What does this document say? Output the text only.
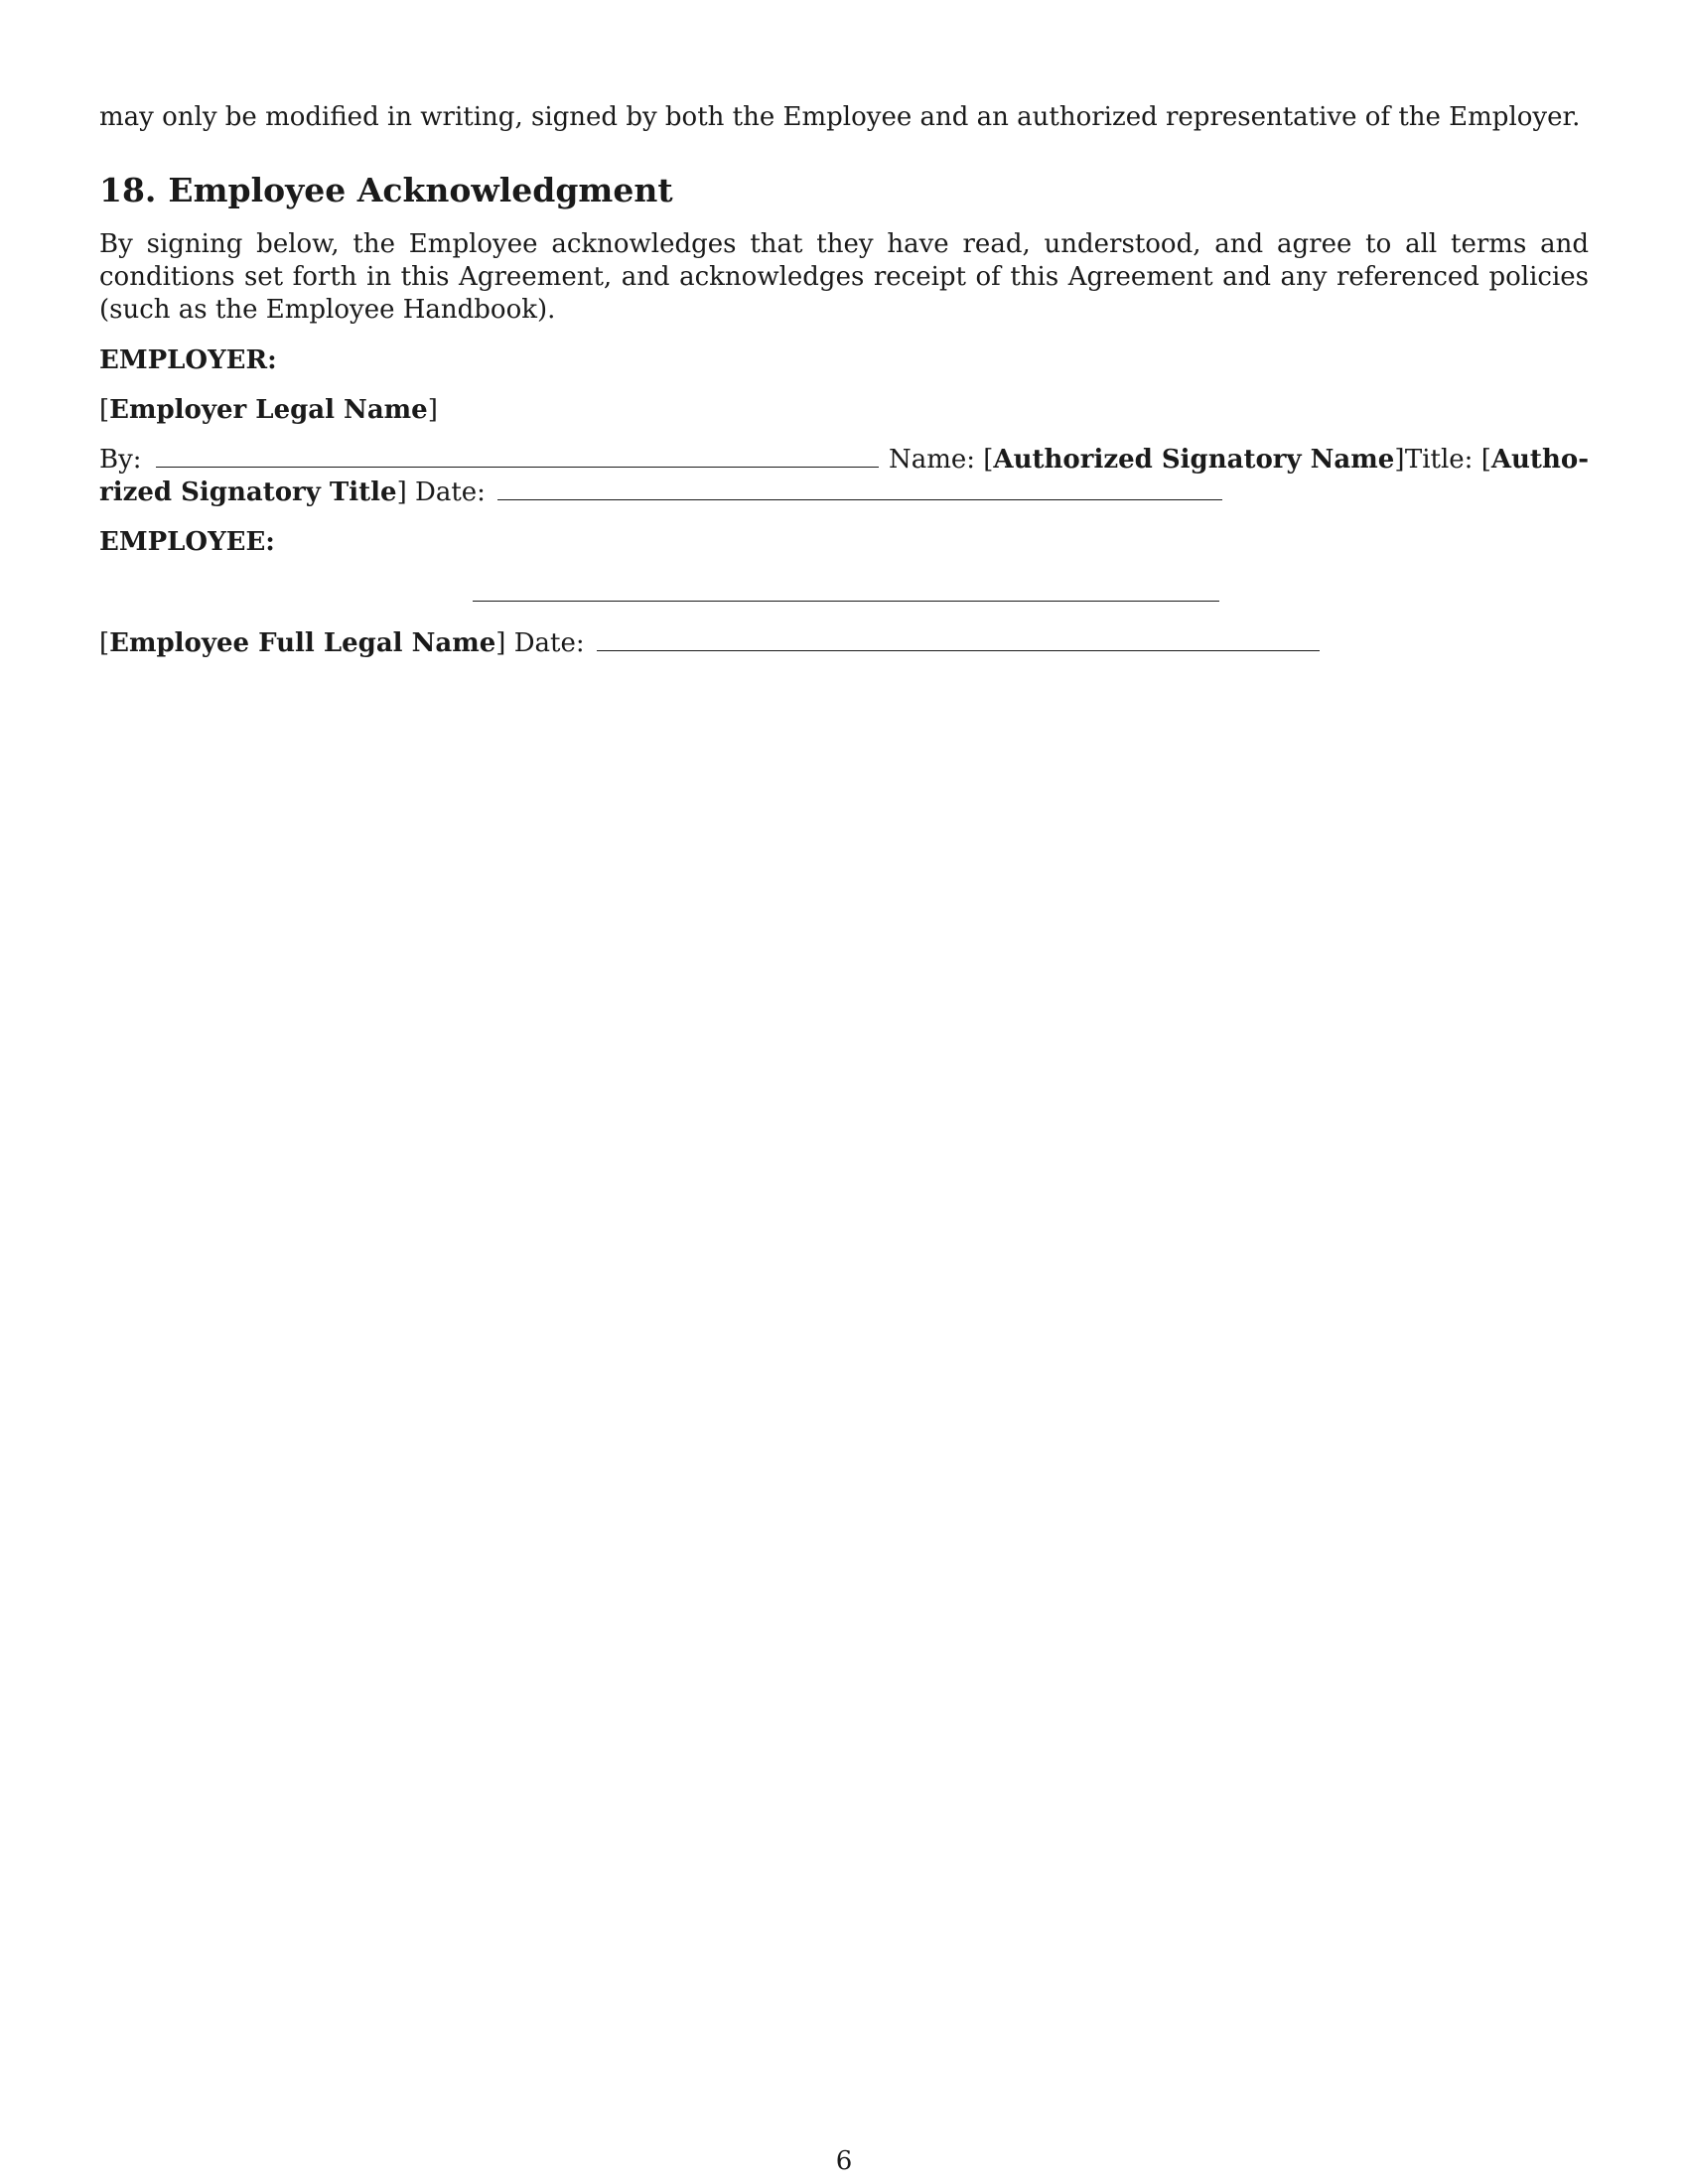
may only be modified in writing, signed by both the Employee and an authorized representative of the Employer.

18. Employee Acknowledgment

By signing below, the Employee acknowledges that they have read, understood, and agree to all terms and conditions set forth in this Agreement, and acknowledges receipt of this Agreement and any referenced policies (such as the Employee Handbook).

EMPLOYER:
[Employer Legal Name]
By:	Name: [Authorized Signatory Name] Title: [Autho-
rized Signatory Title] Date:
EMPLOYEE:
[Employee Full Legal Name] Date:
6
